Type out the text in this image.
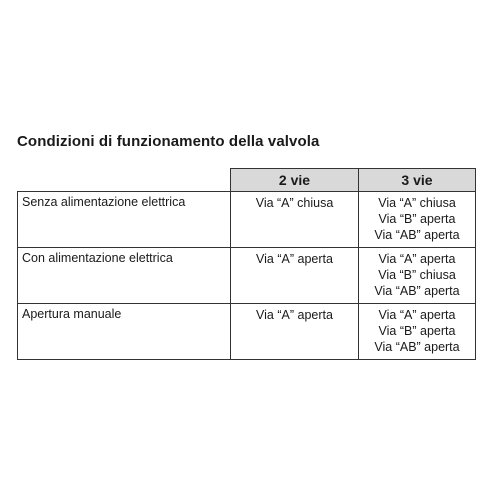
Condizioni di funzionamento della valvola
	2 vie	3 vie
Senza alimentazione elettrica	Via “A” chiusa	Via “A” chiusa
Via “B” aperta
Via “AB” aperta

Con alimentazione elettrica	Via “A” aperta	Via “A” aperta
Via “B” chiusa
Via “AB” aperta

Apertura manuale	Via “A” aperta	Via “A” aperta
Via “B” aperta
Via “AB” aperta
